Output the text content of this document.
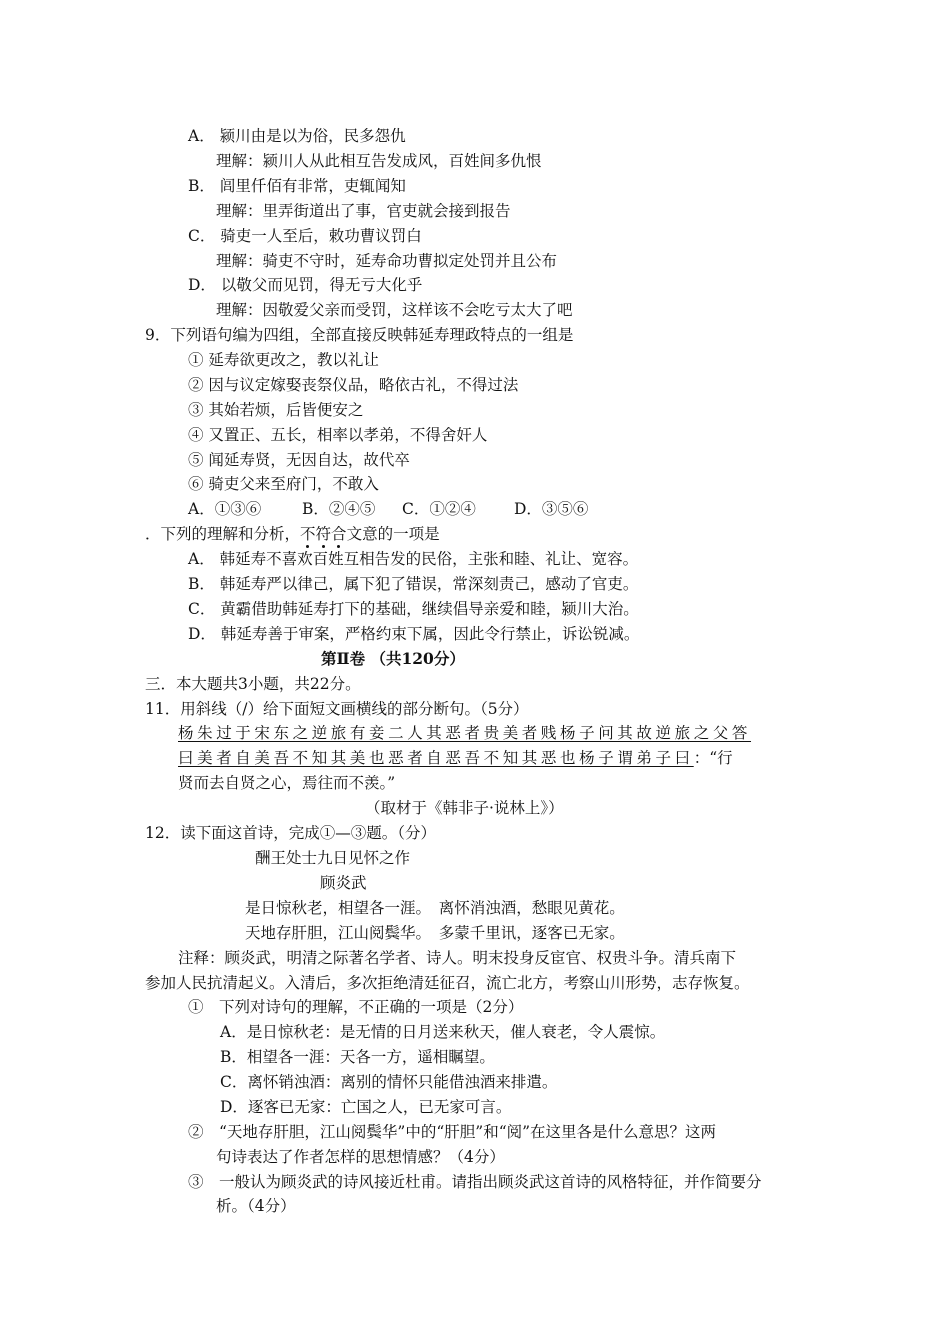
A． 颍川由是以为俗，民多怨仇
理解：颍川人从此相互告发成风，百姓间多仇恨
B． 闾里仟佰有非常，吏辄闻知
理解：里弄街道出了事，官吏就会接到报告
C． 骑吏一人至后，敕功曹议罚白
理解：骑吏不守时，延寿命功曹拟定处罚并且公布
D． 以敬父而见罚，得无亏大化乎
理解：因敬爱父亲而受罚，这样该不会吃亏太大了吧
9．下列语句编为四组，全部直接反映韩延寿理政特点的一组是
① 延寿欲更改之，教以礼让
② 因与议定嫁娶丧祭仪品，略依古礼，不得过法
③ 其始若烦，后皆便安之
④ 又置正、五长，相率以孝弟，不得舍奸人
⑤ 闻延寿贤，无因自达，故代卒
⑥ 骑吏父来至府门，不敢入
A．①③⑥	B．②④⑤ C．①②④ D．③⑤⑥
．下列的理解和分析，不符合文意的一项是
A． 韩延寿不喜欢百姓互相告发的民俗，主张和睦、礼让、宽容。
B． 韩延寿严以律己，属下犯了错误，常深刻责己，感动了官吏。
C． 黄霸借助韩延寿打下的基础，继续倡导亲爱和睦，颍川大治。
D． 韩延寿善于审案，严格约束下属，因此令行禁止，诉讼锐减。
第Ⅱ卷 （共120分）
三．本大题共3小题，共22分。
11．用斜线（/）给下面短文画横线的部分断句。（5分）
杨朱过于宋东之逆旅有妾二人其恶者贵美者贱杨子问其故逆旅之父答
曰美者自美吾不知其美也恶者自恶吾不知其恶也杨子谓弟子曰：“行
贤而去自贤之心，焉往而不羡。”
（取材于《韩非子·说林上》）
12．读下面这首诗，完成①—③题。（分）
酬王处士九日见怀之作
顾炎武
是日惊秋老，相望各一涯。　离怀消浊酒，愁眼见黄花。
天地存肝胆，江山阅鬓华。　多蒙千里讯，逐客已无家。
注释：顾炎武，明清之际著名学者、诗人。明末投身反宦官、权贵斗争。清兵南下
参加人民抗清起义。入清后，多次拒绝清廷征召，流亡北方，考察山川形势，志存恢复。
①　下列对诗句的理解，不正确的一项是（2分）
A．是日惊秋老：是无情的日月送来秋天，催人衰老，令人震惊。
B．相望各一涯：天各一方，遥相瞩望。
C．离怀销浊酒：离别的情怀只能借浊酒来排遣。
D．逐客已无家：亡国之人，已无家可言。
②　“天地存肝胆，江山阅鬓华”中的“肝胆”和“阅”在这里各是什么意思？这两
句诗表达了作者怎样的思想情感？（4分）
③　一般认为顾炎武的诗风接近杜甫。请指出顾炎武这首诗的风格特征，并作简要分
析。（4分）
